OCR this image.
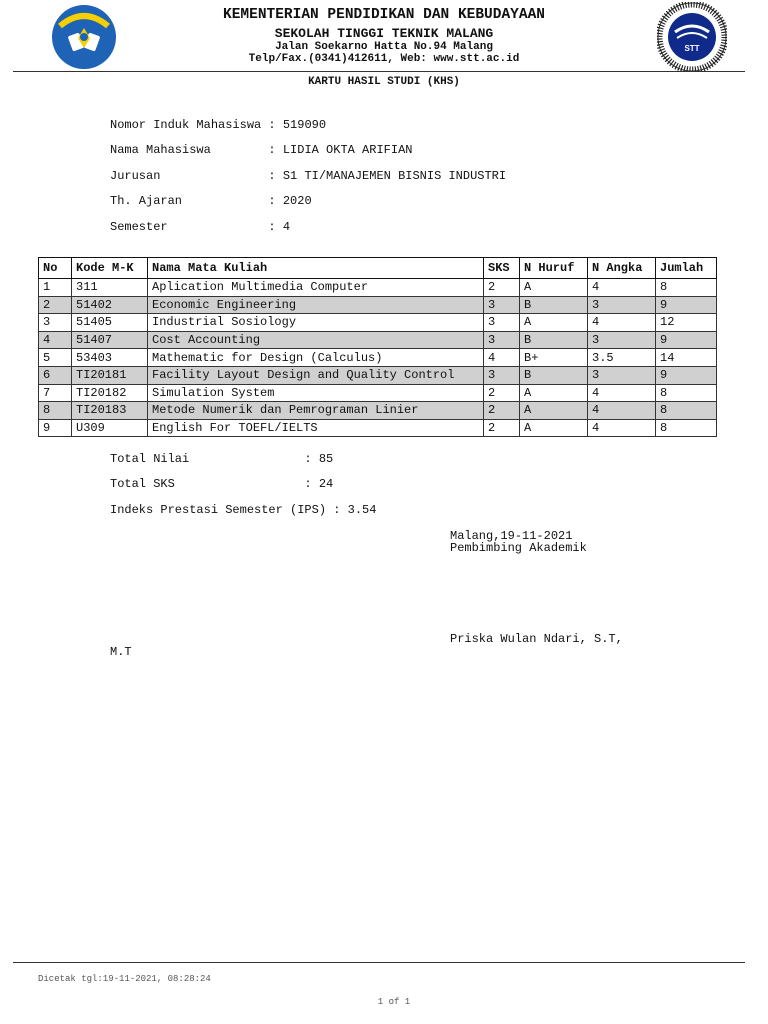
STT
KEMENTERIAN PENDIDIKAN DAN KEBUDAYAAN
SEKOLAH TINGGI TEKNIK MALANG
Jalan Soekarno Hatta No.94 Malang
Telp/Fax.(0341)412611, Web: www.stt.ac.id
KARTU HASIL STUDI (KHS)
Nomor Induk Mahasiswa : 519090
Nama Mahasiswa        : LIDIA OKTA ARIFIAN
Jurusan               : S1 TI/MANAJEMEN BISNIS INDUSTRI
Th. Ajaran            : 2020
Semester              : 4
No	Kode M-K	Nama Mata Kuliah	SKS	N Huruf	N Angka	Jumlah
1	311	Aplication Multimedia Computer	2	A	4	8
2	51402	Economic Engineering	3	B	3	9
3	51405	Industrial Sosiology	3	A	4	12
4	51407	Cost Accounting	3	B	3	9
5	53403	Mathematic for Design (Calculus)	4	B+	3.5	14
6	TI20181	Facility Layout Design and Quality Control	3	B	3	9
7	TI20182	Simulation System	2	A	4	8
8	TI20183	Metode Numerik dan Pemrograman Linier	2	A	4	8
9	U309	English For TOEFL/IELTS	2	A	4	8
Total Nilai                : 85
Total SKS                  : 24
Indeks Prestasi Semester (IPS) : 3.54
Malang,19-11-2021
Pembimbing Akademik
Priska Wulan Ndari, S.T,
M.T
Dicetak tgl:19-11-2021, 08:28:24
1 of 1
